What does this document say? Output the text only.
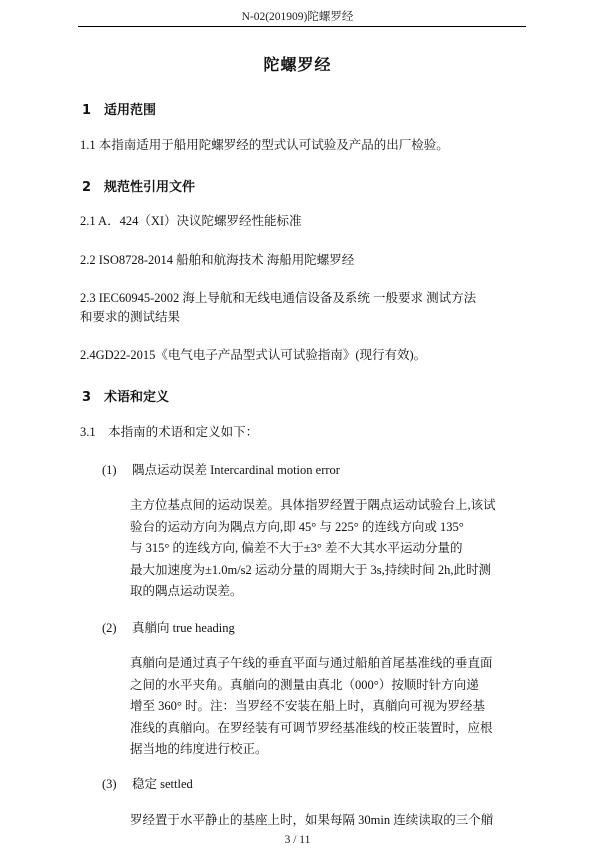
N-02(201909)陀螺罗经
陀螺罗经
1 适用范围
1.1 本指南适用于船用陀螺罗经的型式认可试验及产品的出厂检验。
2 规范性引用文件
2.1 A．424（XI）决议陀螺罗经性能标准
2.2 ISO8728-2014 船舶和航海技术 海船用陀螺罗经
2.3 IEC60945-2002 海上导航和无线电通信设备及系统 一般要求 测试方法
和要求的测试结果
2.4GD22-2015《电气电子产品型式认可试验指南》(现行有效)。
3 术语和定义
3.1　本指南的术语和定义如下：
(1) 隅点运动误差 Intercardinal motion error
主方位基点间的运动误差。具体指罗经置于隅点运动试验台上,该试
验台的运动方向为隅点方向,即 45° 与 225° 的连线方向或 135°
与 315° 的连线方向, 偏差不大于±3° 差不大其水平运动分量的
最大加速度为±1.0m/s2 运动分量的周期大于 3s,持续时间 2h,此时测
取的隅点运动误差。
(2) 真艏向 true heading
真艏向是通过真子午线的垂直平面与通过船舶首尾基准线的垂直面
之间的水平夹角。真艏向的测量由真北（000°）按顺时针方向递
增至 360° 时。注：当罗经不安装在船上时，真艏向可视为罗经基
准线的真艏向。在罗经装有可调节罗经基准线的校正装置时，应根
据当地的纬度进行校正。
(3) 稳定 settled
罗经置于水平静止的基座上时，如果每隔 30min 连续读取的三个艏
3 / 11
